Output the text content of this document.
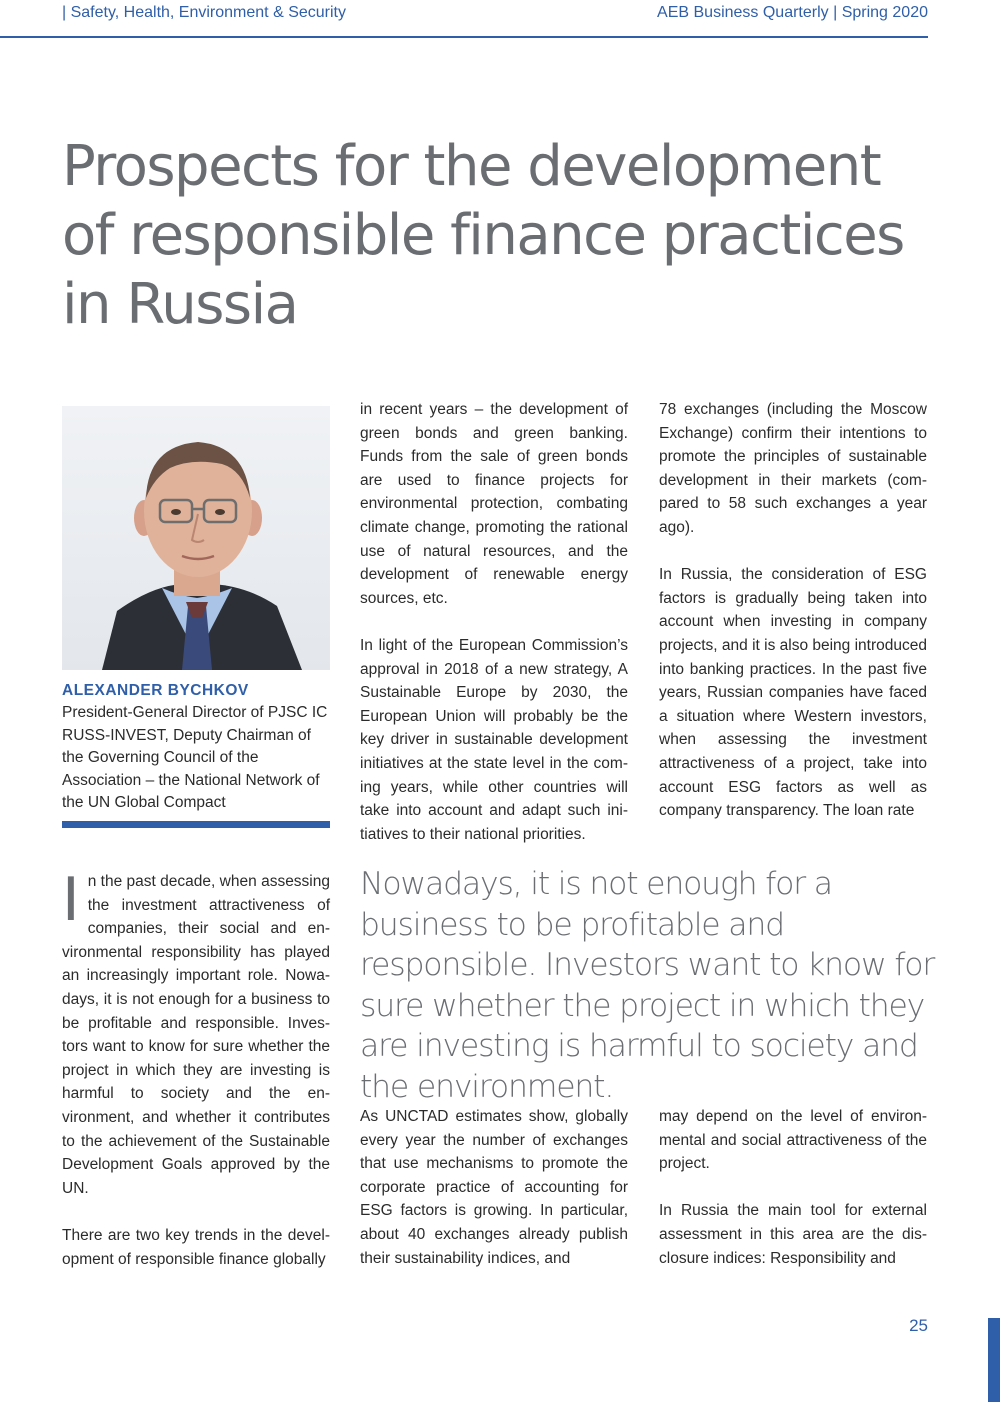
| Safety, Health, Environment & Security	AEB Business Quarterly | Spring 2020
Prospects for the development of responsible finance practices in Russia
ALEXANDER BYCHKOV
President-General Director of PJSC IC RUSS-INVEST, Deputy Chairman of the Governing Council of the Association – the National Network of the UN Global Compact

in recent years – the development of green bonds and green banking. Funds from the sale of green bonds are used to finance projects for environmental protection, combating climate change, promoting the rational use of natural resources, and the development of renewable energy sources, etc.

In light of the European Commission’s approval in 2018 of a new strategy, A Sustainable Europe by 2030, the European Union will probably be the key driver in sustainable development initiatives at the state level in the coming years, while other countries will take into account and adapt such initiatives to their national priorities.

78 exchanges (including the Moscow Exchange) confirm their intentions to promote the principles of sustainable development in their markets (compared to 58 such exchanges a year ago).

In Russia, the consideration of ESG factors is gradually being taken into account when investing in company projects, and it is also being introduced into banking practices. In the past five years, Russian companies have faced a situation where Western investors, when assessing the investment attractiveness of a project, take into account ESG factors as well as company transparency. The loan rate

In the past decade, when assessing the investment attractiveness of companies, their social and environmental responsibility has played an increasingly important role. Nowadays, it is not enough for a business to be profitable and responsible. Investors want to know for sure whether the project in which they are investing is harmful to society and the environment, and whether it contributes to the achievement of the Sustainable Development Goals approved by the UN.

There are two key trends in the development of responsible finance globally

Nowadays, it is not enough for a business to be profitable and responsible. Investors want to know for sure whether the project in which they are investing is harmful to society and the environment.

As UNCTAD estimates show, globally every year the number of exchanges that use mechanisms to promote the corporate practice of accounting for ESG factors is growing. In particular, about 40 exchanges already publish their sustainability indices, and

may depend on the level of environmental and social attractiveness of the project.

In Russia the main tool for external assessment in this area are the disclosure indices: Responsibility and

25
